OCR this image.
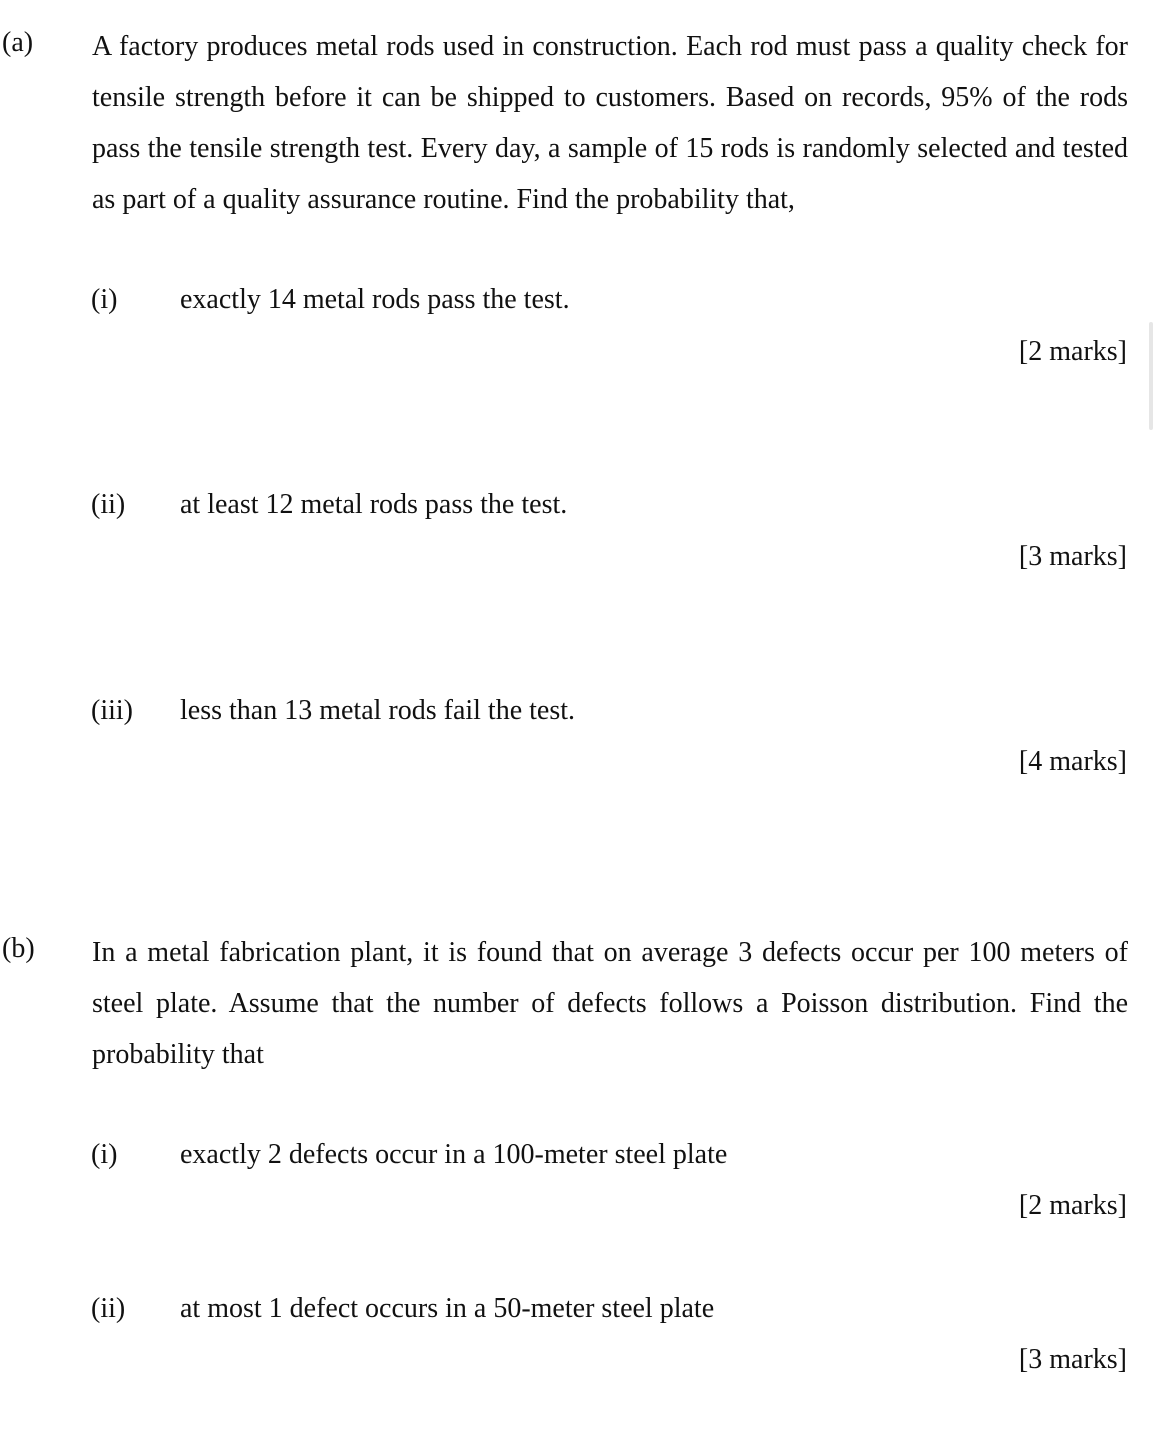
(a) A factory produces metal rods used in construction. Each rod must pass a quality check for tensile strength before it can be shipped to customers. Based on records, 95% of the rods pass the tensile strength test. Every day, a sample of 15 rods is randomly selected and tested as part of a quality assurance routine. Find the probability that,
(i) exactly 14 metal rods pass the test.
[2 marks]
(ii) at least 12 metal rods pass the test.
[3 marks]
(iii) less than 13 metal rods fail the test.
[4 marks]
(b) In a metal fabrication plant, it is found that on average 3 defects occur per 100 meters of steel plate. Assume that the number of defects follows a Poisson distribution. Find the probability that
(i) exactly 2 defects occur in a 100-meter steel plate
[2 marks]
(ii) at most 1 defect occurs in a 50-meter steel plate
[3 marks]
